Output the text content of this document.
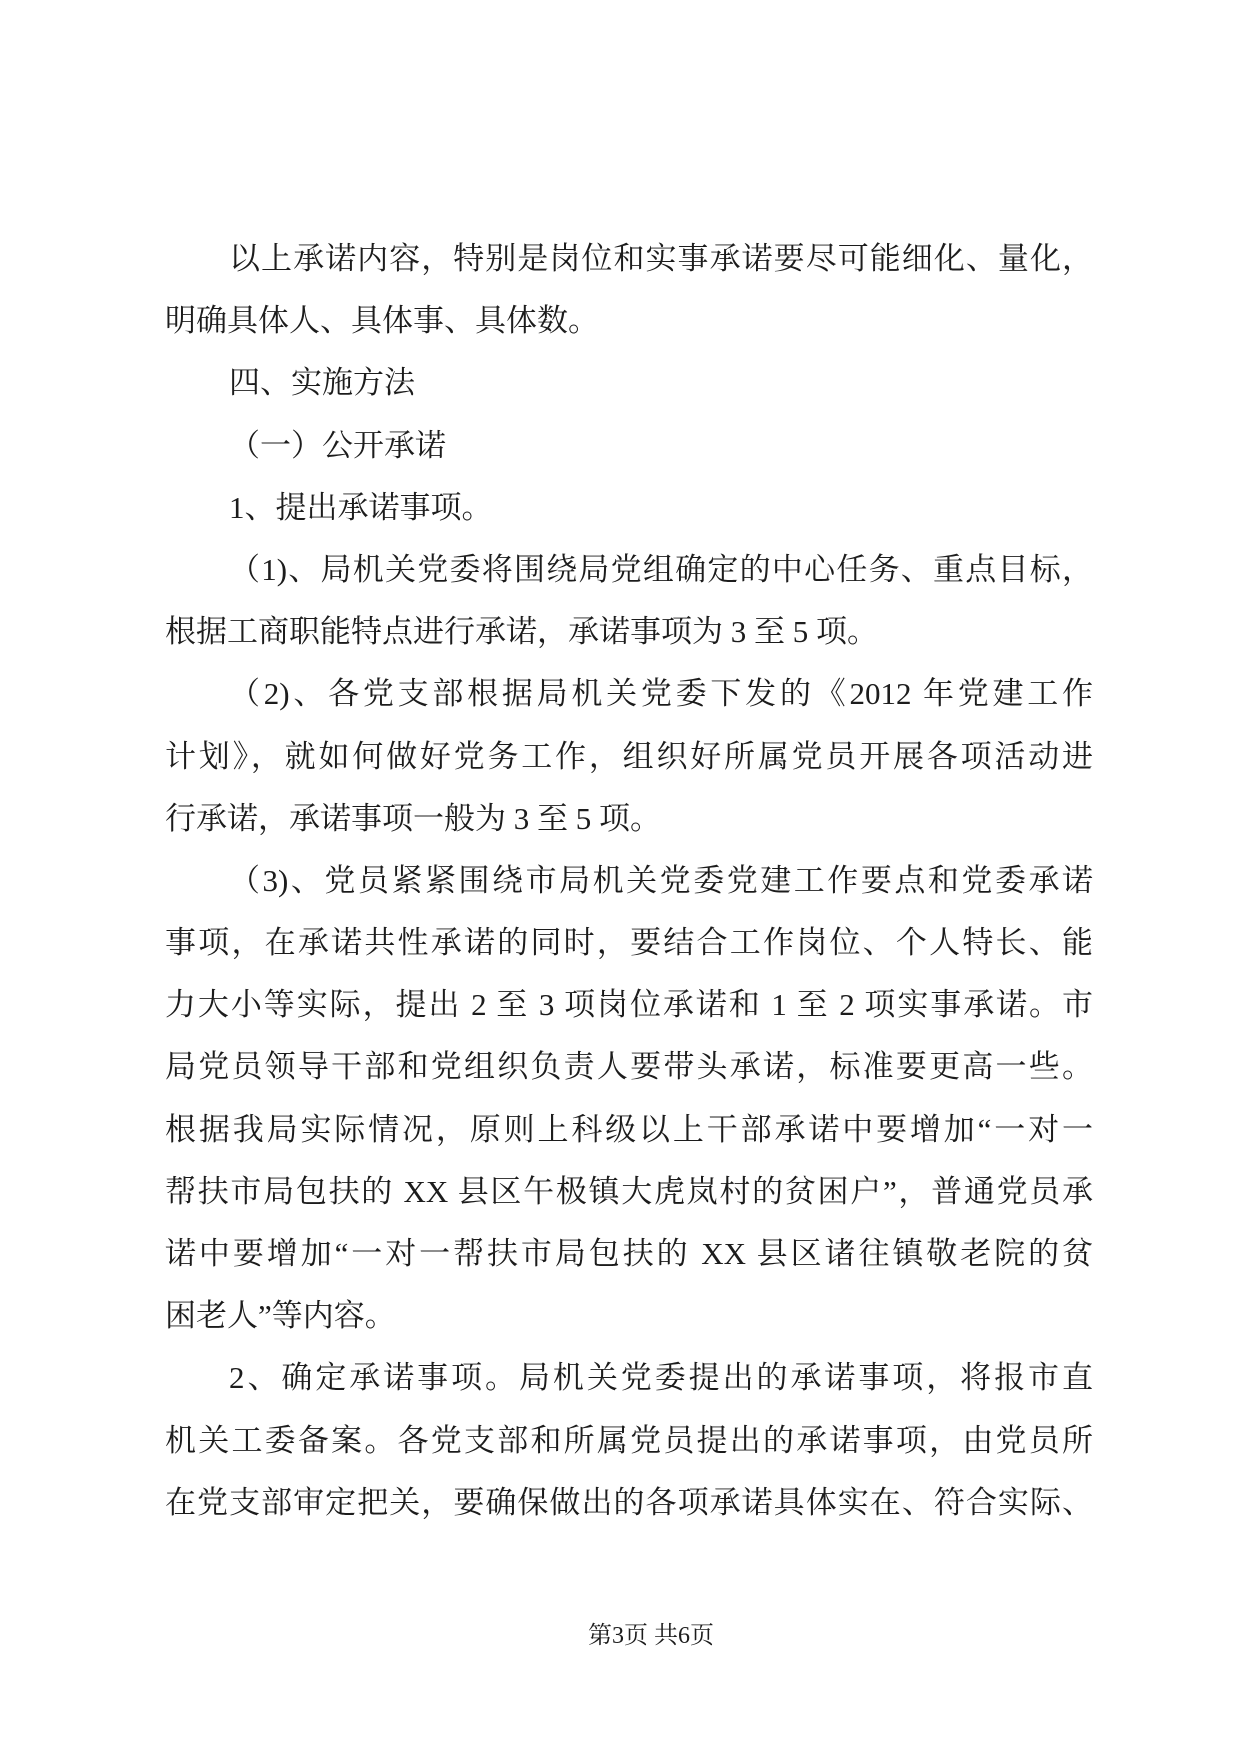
以上承诺内容，特别是岗位和实事承诺要尽可能细化、量化，
明确具体人、具体事、具体数。
四、实施方法
（一）公开承诺
1、提出承诺事项。
（1)、局机关党委将围绕局党组确定的中心任务、重点目标，
根据工商职能特点进行承诺，承诺事项为 3 至 5 项。
（2)、各党支部根据局机关党委下发的《2012 年党建工作
计划》，就如何做好党务工作，组织好所属党员开展各项活动进
行承诺，承诺事项一般为 3 至 5 项。
（3)、党员紧紧围绕市局机关党委党建工作要点和党委承诺
事项，在承诺共性承诺的同时，要结合工作岗位、个人特长、能
力大小等实际，提出 2 至 3 项岗位承诺和 1 至 2 项实事承诺。市
局党员领导干部和党组织负责人要带头承诺，标准要更高一些。
根据我局实际情况，原则上科级以上干部承诺中要增加“一对一
帮扶市局包扶的 XX 县区午极镇大虎岚村的贫困户”，普通党员承
诺中要增加“一对一帮扶市局包扶的 XX 县区诸往镇敬老院的贫
困老人”等内容。
2、确定承诺事项。局机关党委提出的承诺事项，将报市直
机关工委备案。各党支部和所属党员提出的承诺事项，由党员所
在党支部审定把关，要确保做出的各项承诺具体实在、符合实际、
第3页 共6页
